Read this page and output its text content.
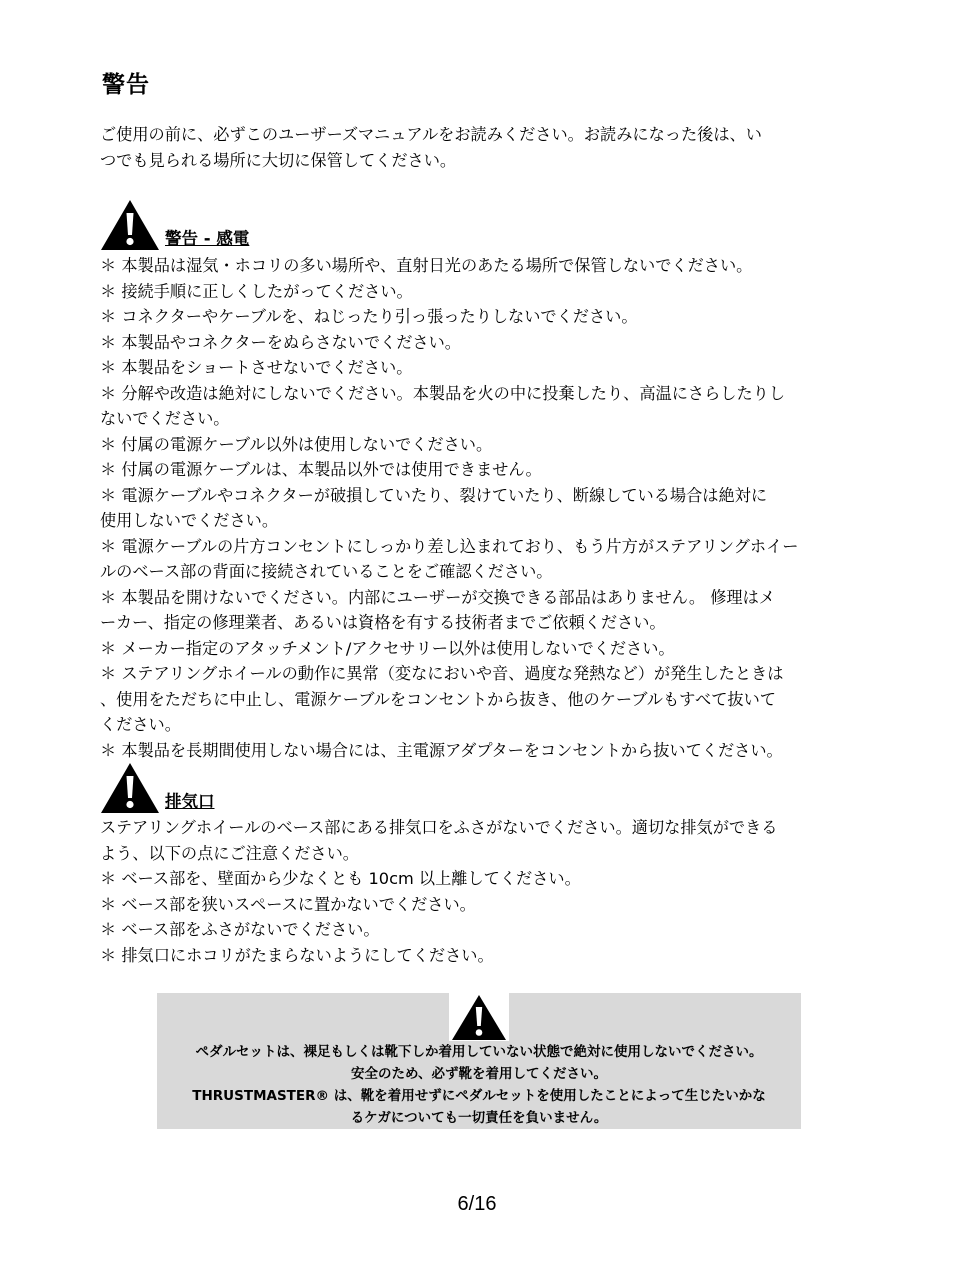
警告

ご使用の前に、必ずこのユーザーズマニュアルをお読みください。お読みになった後は、い

つでも見られる場所に大切に保管してください。

警告 - 感電
＊ 本製品は湿気・ホコリの多い場所や、直射日光のあたる場所で保管しないでください。
＊ 接続手順に正しくしたがってください。
＊ コネクターやケーブルを、ねじったり引っ張ったりしないでください。
＊ 本製品やコネクターをぬらさないでください。
＊ 本製品をショートさせないでください。
＊ 分解や改造は絶対にしないでください。本製品を火の中に投棄したり、高温にさらしたりし
ないでください。
＊ 付属の電源ケーブル以外は使用しないでください。
＊ 付属の電源ケーブルは、本製品以外では使用できません。
＊ 電源ケーブルやコネクターが破損していたり、裂けていたり、断線している場合は絶対に
使用しないでください。
＊ 電源ケーブルの片方コンセントにしっかり差し込まれており、もう片方がステアリングホイー
ルのベース部の背面に接続されていることをご確認ください。
＊ 本製品を開けないでください。内部にユーザーが交換できる部品はありません。 修理はメ
ーカー、指定の修理業者、あるいは資格を有する技術者までご依頼ください。
＊ メーカー指定のアタッチメント/アクセサリー以外は使用しないでください。
＊ ステアリングホイールの動作に異常（変なにおいや音、過度な発熱など）が発生したときは
、使用をただちに中止し、電源ケーブルをコンセントから抜き、他のケーブルもすべて抜いて
ください。
＊ 本製品を長期間使用しない場合には、主電源アダプターをコンセントから抜いてください。
排気口
ステアリングホイールのベース部にある排気口をふさがないでください。適切な排気ができる
よう、以下の点にご注意ください。
＊ ベース部を、壁面から少なくとも 10cm 以上離してください。
＊ ベース部を狭いスペースに置かないでください。
＊ ベース部をふさがないでください。
＊ 排気口にホコリがたまらないようにしてください。
ペダルセットは、裸足もしくは靴下しか着用していない状態で絶対に使用しないでください。
安全のため、必ず靴を着用してください。
THRUSTMASTER® は、靴を着用せずにペダルセットを使用したことによって生じたいかな
るケガについても一切責任を負いません。
6/16
